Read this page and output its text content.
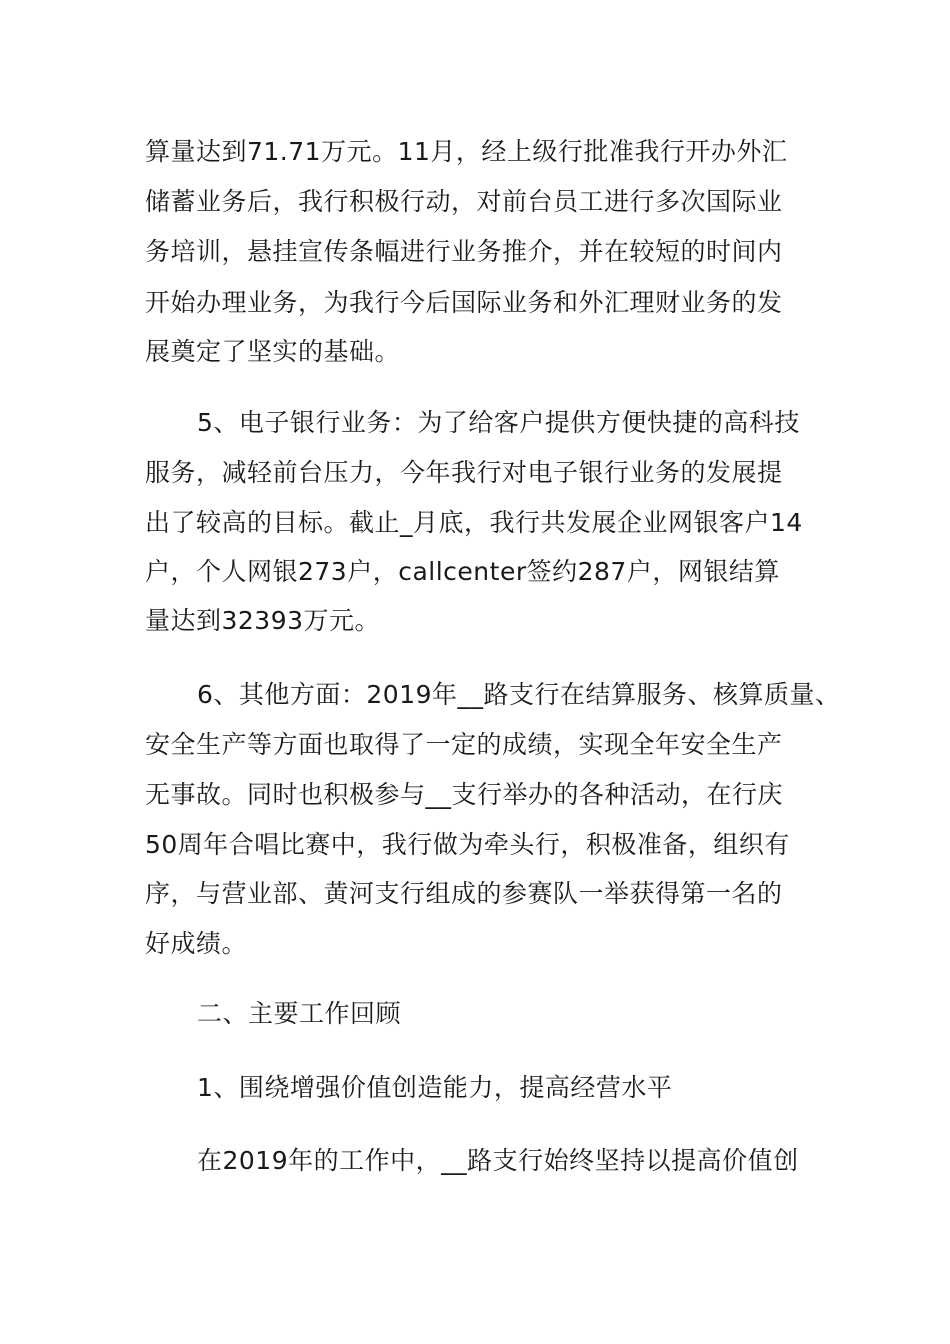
算量达到71.71万元。11月，经上级行批准我行开办外汇
储蓄业务后，我行积极行动，对前台员工进行多次国际业
务培训，悬挂宣传条幅进行业务推介，并在较短的时间内
开始办理业务，为我行今后国际业务和外汇理财业务的发
展奠定了坚实的基础。
5、电子银行业务：为了给客户提供方便快捷的高科技
服务，减轻前台压力，今年我行对电子银行业务的发展提
出了较高的目标。截止_月底，我行共发展企业网银客户14
户，个人网银273户，callcenter签约287户，网银结算
量达到32393万元。
6、其他方面：2019年__路支行在结算服务、核算质量、
安全生产等方面也取得了一定的成绩，实现全年安全生产
无事故。同时也积极参与__支行举办的各种活动，在行庆
50周年合唱比赛中，我行做为牵头行，积极准备，组织有
序，与营业部、黄河支行组成的参赛队一举获得第一名的
好成绩。
二、主要工作回顾
1、围绕增强价值创造能力，提高经营水平
在2019年的工作中，__路支行始终坚持以提高价值创
